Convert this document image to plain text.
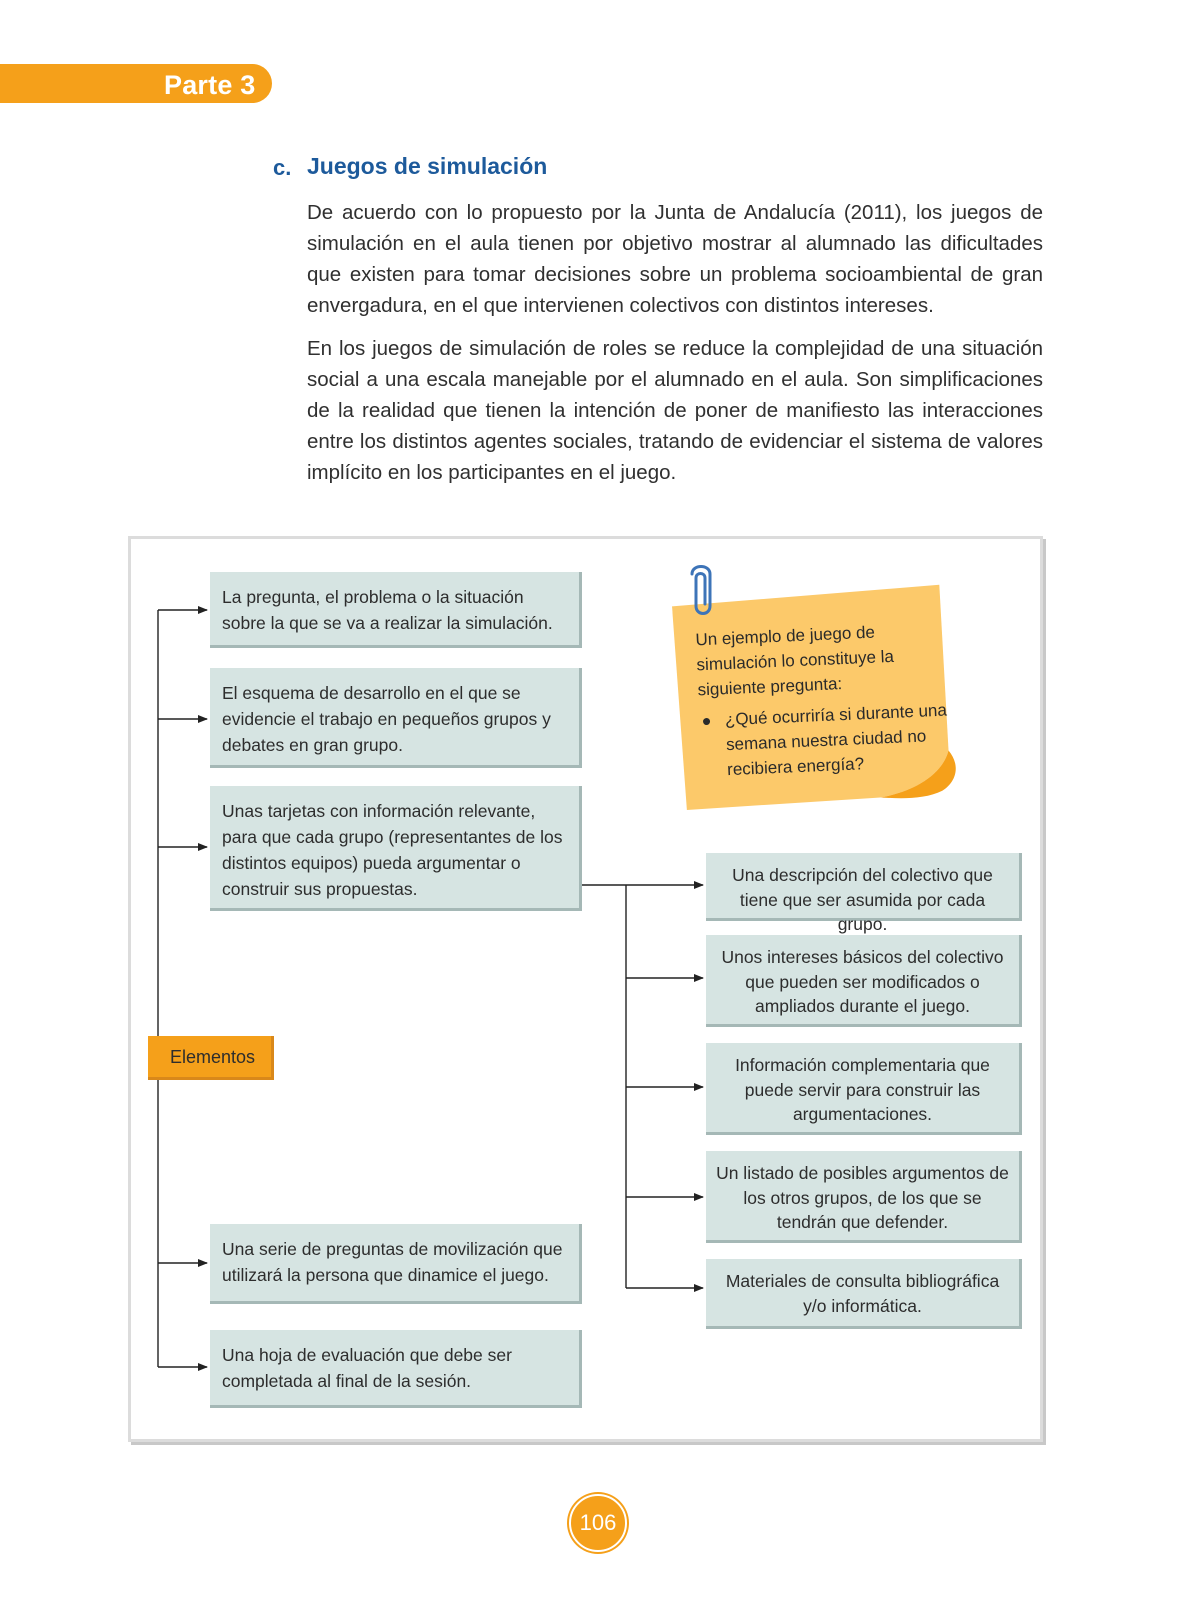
Parte 3
c. Juegos de simulación

De acuerdo con lo propuesto por la Junta de Andalucía (2011), los juegos de simulación en el aula tienen por objetivo mostrar al alumnado las dificultades que existen para tomar decisiones sobre un problema socioambiental de gran envergadura, en el que intervienen colectivos con distintos intereses.

En los juegos de simulación de roles se reduce la complejidad de una situación social a una escala manejable por el alumnado en el aula. Son simplificaciones de la realidad que tienen la intención de poner de manifiesto las interacciones entre los distintos agentes sociales, tratando de evidenciar el sistema de valores implícito en los participantes en el juego.

Elementos
La pregunta, el problema o la situación sobre la que se va a realizar la simulación.
El esquema de desarrollo en el que se evidencie el trabajo en pequeños grupos y debates en gran grupo.
Unas tarjetas con información relevante, para que cada grupo (representantes de los distintos equipos) pueda argumentar o construir sus propuestas.
Una serie de preguntas de movilización que utilizará la persona que dinamice el juego.
Una hoja de evaluación que debe ser completada al final de la sesión.
Una descripción del colectivo que tiene que ser asumida por cada grupo.
Unos intereses básicos del colectivo que pueden ser modificados o ampliados durante el juego.
Información complementaria que puede servir para construir las argumentaciones.
Un listado de posibles argumentos de los otros grupos, de los que se tendrán que defender.
Materiales de consulta bibliográfica y/o informática.
Un ejemplo de juego de simulación lo constituye la siguiente pregunta:
¿Qué ocurriría si durante una semana nuestra ciudad no recibiera energía?
106
